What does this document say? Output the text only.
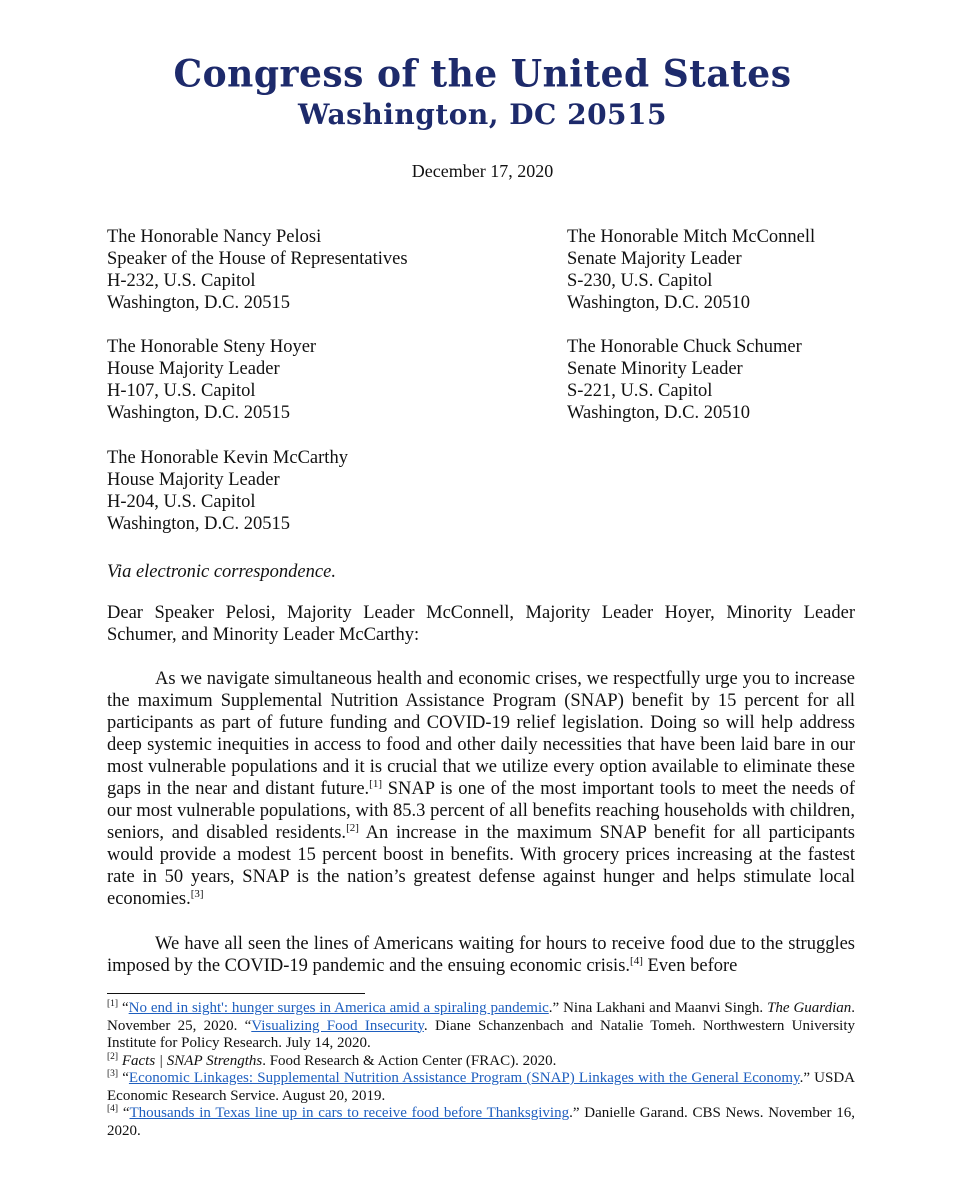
Congress of the United States
Washington, DC 20515
December 17, 2020
The Honorable Nancy Pelosi
Speaker of the House of Representatives
H-232, U.S. Capitol
Washington, D.C. 20515
The Honorable Steny Hoyer
House Majority Leader
H-107, U.S. Capitol
Washington, D.C. 20515
The Honorable Kevin McCarthy
House Majority Leader
H-204, U.S. Capitol
Washington, D.C. 20515
The Honorable Mitch McConnell
Senate Majority Leader
S-230, U.S. Capitol
Washington, D.C. 20510
The Honorable Chuck Schumer
Senate Minority Leader
S-221, U.S. Capitol
Washington, D.C. 20510
Via electronic correspondence.
Dear Speaker Pelosi, Majority Leader McConnell, Majority Leader Hoyer, Minority Leader Schumer, and Minority Leader McCarthy:
As we navigate simultaneous health and economic crises, we respectfully urge you to increase the maximum Supplemental Nutrition Assistance Program (SNAP) benefit by 15 percent for all participants as part of future funding and COVID-19 relief legislation. Doing so will help address deep systemic inequities in access to food and other daily necessities that have been laid bare in our most vulnerable populations and it is crucial that we utilize every option available to eliminate these gaps in the near and distant future.[1] SNAP is one of the most important tools to meet the needs of our most vulnerable populations, with 85.3 percent of all benefits reaching households with children, seniors, and disabled residents.[2] An increase in the maximum SNAP benefit for all participants would provide a modest 15 percent boost in benefits. With grocery prices increasing at the fastest rate in 50 years, SNAP is the nation’s greatest defense against hunger and helps stimulate local economies.[3]
We have all seen the lines of Americans waiting for hours to receive food due to the struggles imposed by the COVID-19 pandemic and the ensuing economic crisis.[4] Even before
[1] “No end in sight': hunger surges in America amid a spiraling pandemic.” Nina Lakhani and Maanvi Singh. The Guardian. November 25, 2020. “Visualizing Food Insecurity. Diane Schanzenbach and Natalie Tomeh. Northwestern University Institute for Policy Research. July 14, 2020.
[2] Facts | SNAP Strengths. Food Research & Action Center (FRAC). 2020.
[3] “Economic Linkages: Supplemental Nutrition Assistance Program (SNAP) Linkages with the General Economy.” USDA Economic Research Service. August 20, 2019.
[4] “Thousands in Texas line up in cars to receive food before Thanksgiving.” Danielle Garand. CBS News. November 16, 2020.
